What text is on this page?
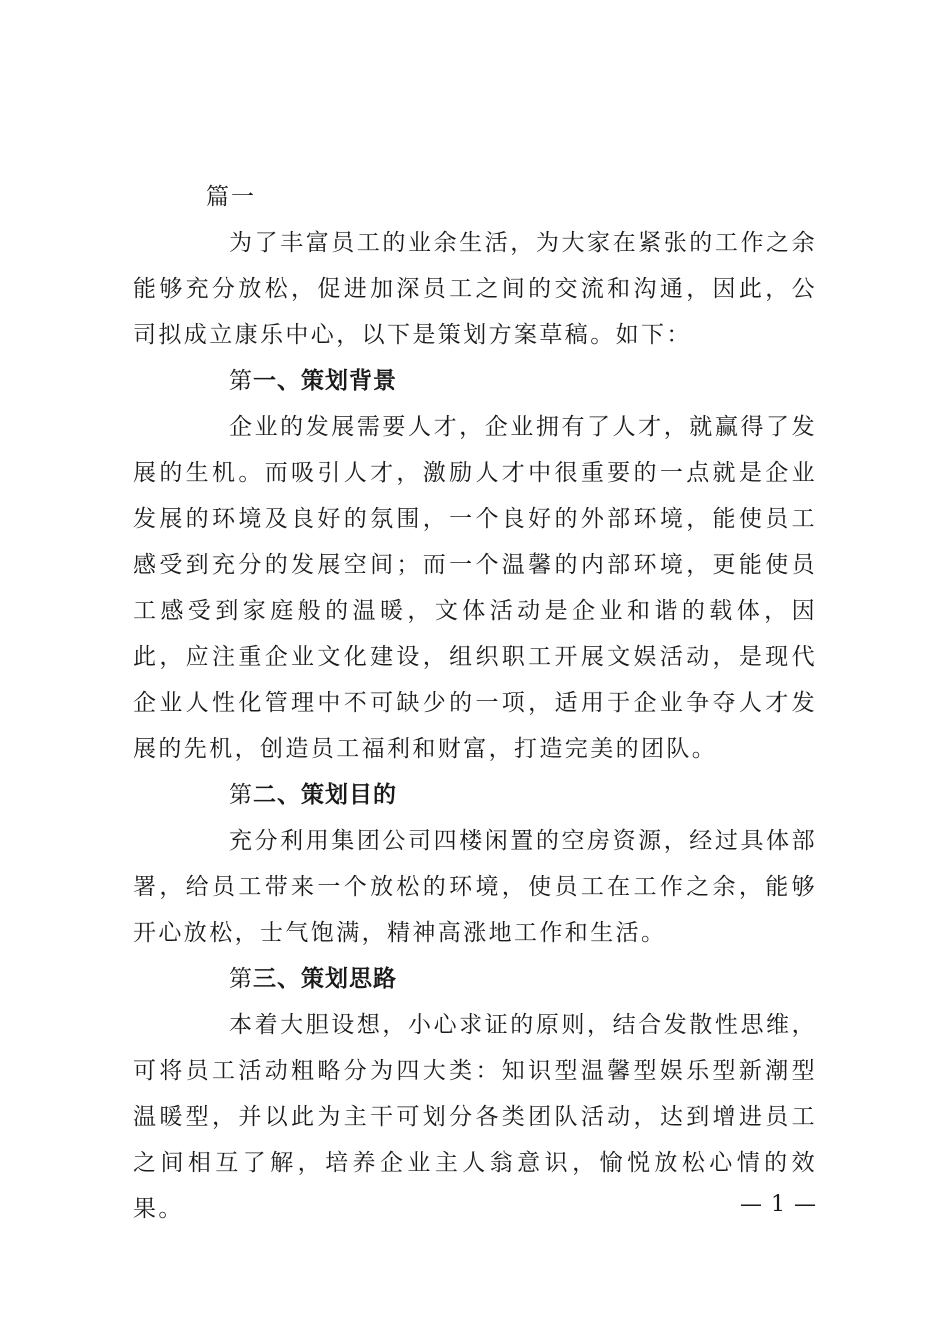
篇一

为了丰富员工的业余生活，为大家在紧张的工作之余能够充分放松，促进加深员工之间的交流和沟通，因此，公司拟成立康乐中心，以下是策划方案草稿。如下：

第一、策划背景

企业的发展需要人才，企业拥有了人才，就赢得了发展的生机。而吸引人才，激励人才中很重要的一点就是企业发展的环境及良好的氛围，一个良好的外部环境，能使员工感受到充分的发展空间；而一个温馨的内部环境，更能使员工感受到家庭般的温暖，文体活动是企业和谐的载体，因此，应注重企业文化建设，组织职工开展文娱活动，是现代企业人性化管理中不可缺少的一项，适用于企业争夺人才发展的先机，创造员工福利和财富，打造完美的团队。

第二、策划目的

充分利用集团公司四楼闲置的空房资源，经过具体部署，给员工带来一个放松的环境，使员工在工作之余，能够开心放松，士气饱满，精神高涨地工作和生活。

第三、策划思路

本着大胆设想，小心求证的原则，结合发散性思维，可将员工活动粗略分为四大类：知识型温馨型娱乐型新潮型温暖型，并以此为主干可划分各类团队活动，达到增进员工之间相互了解，培养企业主人翁意识，愉悦放松心情的效果。	— 1 —
